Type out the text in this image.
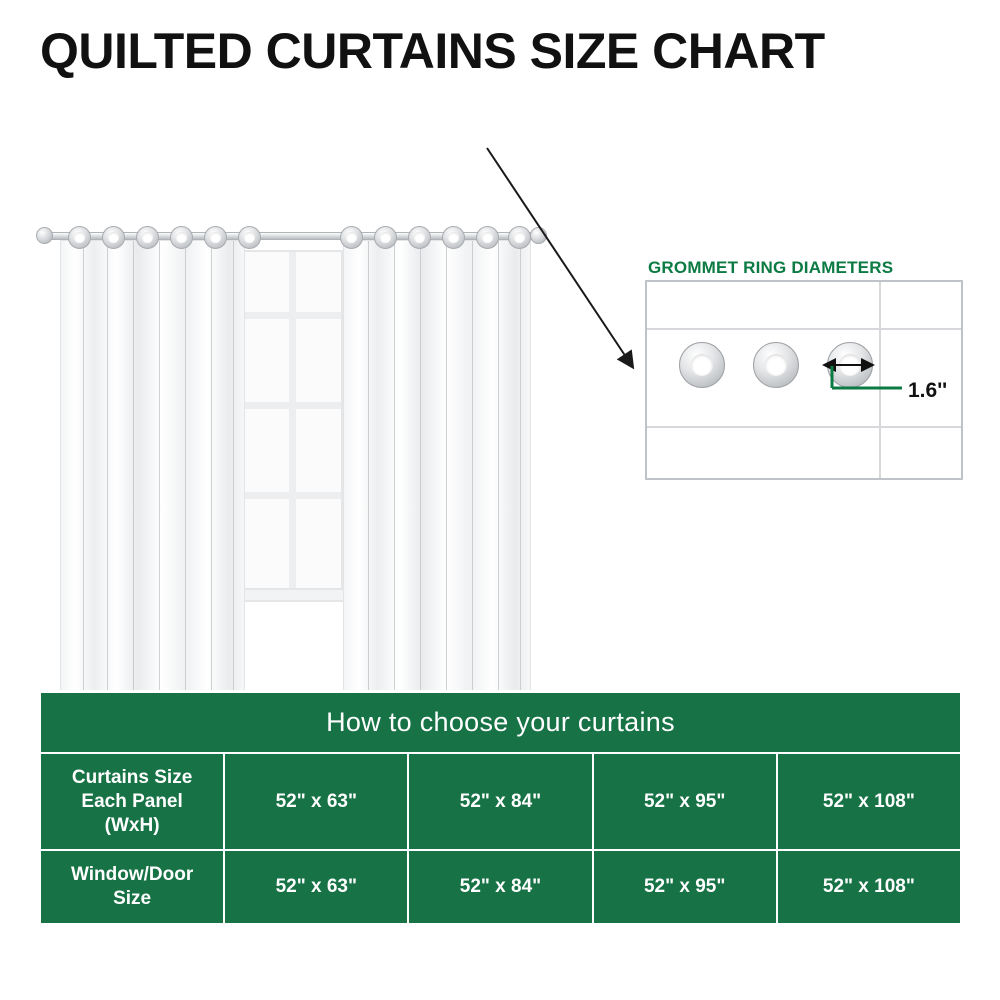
QUILTED CURTAINS SIZE CHART
GROMMET RING DIAMETERS
1.6''
How to choose your curtains				

Curtains Size
Each Panel
(WxH)	52" x 63"	52" x 84"	52" x 95"	52" x 108"

Window/Door
Size	52" x 63"	52" x 84"	52" x 95"	52" x 108"
